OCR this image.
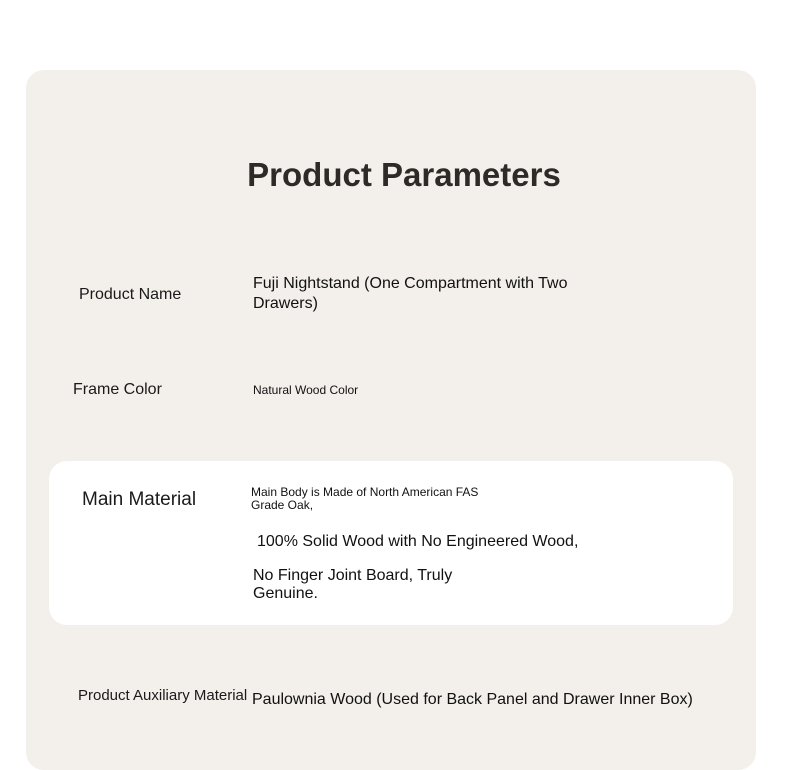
Product Parameters
Product Name
Fuji Nightstand (One Compartment with Two Drawers)
Frame Color	Natural Wood Color
Main Material	Main Body is Made of North American FAS Grade Oak,
100% Solid Wood with No Engineered Wood,
No Finger Joint Board, Truly Genuine.
Product Auxiliary Material Paulownia Wood (Used for Back Panel and Drawer Inner Box)
